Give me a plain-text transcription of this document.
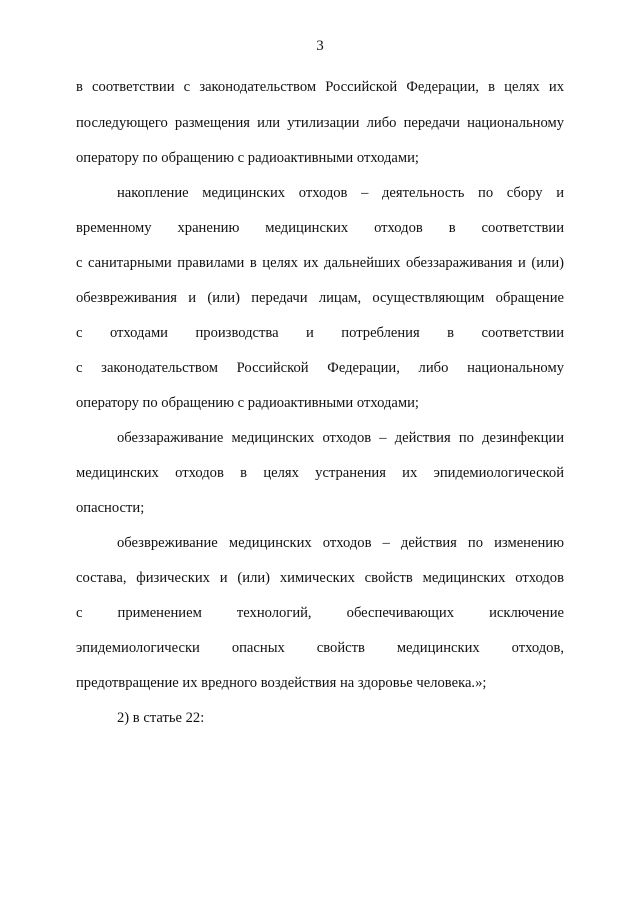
3
в соответствии с законодательством Российской Федерации, в целях их
последующего размещения или утилизации либо передачи национальному
оператору по обращению с радиоактивными отходами;
накопление медицинских отходов – деятельность по сбору и
временному хранению медицинских отходов в соответствии
с санитарными правилами в целях их дальнейших обеззараживания и (или)
обезвреживания и (или) передачи лицам, осуществляющим обращение
с отходами производства и потребления в соответствии
с законодательством Российской Федерации, либо национальному
оператору по обращению с радиоактивными отходами;
обеззараживание медицинских отходов – действия по дезинфекции
медицинских отходов в целях устранения их эпидемиологической
опасности;
обезвреживание медицинских отходов – действия по изменению
состава, физических и (или) химических свойств медицинских отходов
с применением технологий, обеспечивающих исключение
эпидемиологически опасных свойств медицинских отходов,
предотвращение их вредного воздействия на здоровье человека.»;
2) в статье 22:
